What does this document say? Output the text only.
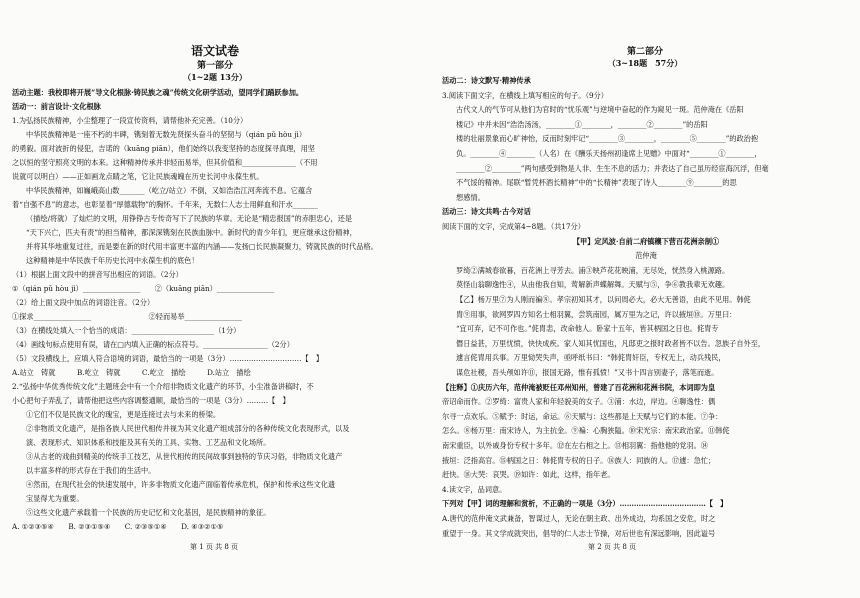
语文试卷
第一部分
（1~2题 13分）
活动主题：我校即将开展“导文化根脉·铸民族之魂”传统文化研学活动，望同学们踊跃参加。
活动一：前言设计·文化根脉
1.为弘扬民族精神，小尘整理了一段宣传资料，请帮他补充完善。（10分）
中华民族精神是一座不朽的丰碑，镌刻着无数先贤探头奋斗的坚韧与（qián pǔ hòu jì）
的勇毅。面对波折的侵犯，吉诺的（kuāng piān），他们始终以我变坚持的态度探寻真理，用坚
之以恒的坚守照亮文明的本来。这种精神传承并非轻而易举，但其价值和_______________（不用
说就可以明白）——正如画龙点睛之笔，它让民族魂魄在历史长河中永葆生机。
中华民族精神，如巍峨高山数_______（屹立/站立）不倒，又如浩浩江河奔流不息。它蕴含
着“自强不息”的意志，也彰显着“厚德载物”的胸怀。千年来，无数仁人志士用鲜血和汗水_______
（描绘/将就）了灿烂的文明，用铮铮古专传奇写下了民族的华章。无论是“精忠报国”的赤胆忠心，还是
“天下兴亡，匹夫有责”的担当精神，都深深镌刻在民族血脉中。新时代的青少年们，更应继承这份精神，
并将其华地重复过往，而是要在新的时代用丰富更丰富的内涵——发扬□长民族凝聚力，铸就民族的时代品格。
这种精神是中华民族千年历史长河中永葆生机的底色！
（1）根据上面文段中的拼音写出相应的词语。（2分）
①（qián pǔ hòu jì）________________　　②（kuāng piān）________________
（2）给上面文段中加点的词语注音。（2分）
①探求________________　　　　　　　　②轻而易举________________
（3）在横线处填入一个恰当的成语：_______________________（1分）
（4）画线句标点使用有误，请在□内填入正确的标点符号。__________________（2分）
（5）文段横线上，应填入符合语境的词语，最恰当的一项是（3分）…………………………【　】
A.站立　铸就　　　B.屹立　铸就　　　C.屹立　描绘　　　D.站立　描绘
2.“弘扬中华优秀传统文化”主题班会中有一个介绍非物质文化遗产的环节，小尘准备讲稿时，不
小心把句子弄乱了，请帮他把这些内容调整通顺，最恰当的一项是（3分）………【　】
①它们不仅是民族文化的瑰宝，更是连接过去与未来的桥梁。
②非物质文化遗产，是指各族人民世代相传并视为其文化遗产组成部分的各种传统文化表现形式，以及
演、表现形式、知识体系和技能及其有关的工具、实物、工艺品和文化场所。
③从古老的戏曲到精美的传统手工技艺，从世代相传的民间故事到独特的节庆习俗，非物质文化遗产
以丰富多样的形式存在于我们的生活中。
④然而，在现代社会的快速发展中，许多非物质文化遗产面临着传承危机，保护和传承这些文化遗
宝显得尤为重要。
⑤这些文化遗产承载着一个民族的历史记忆和文化基因，是民族精神的象征。
A. ①②③⑤④　　B. ②③①⑤④　　C. ②③⑤①④　　D. ④③②①⑤
第 1 页 共 8 页
第二部分
（3~18题　57分）
活动二：诗文默写·精神传承
3.阅读下面文字，在横线上填写相应的句子。（9分）
古代文人的气节可从他们为官时的“忧乐观”与逆境中奋起的作为窥见一斑。范仲淹在《岳阳
楼记》中并未因“浩浩汤汤，________①________，________②________”的岳阳
楼的壮丽景象而心旷神怡，反而时刻牢记“________③________，________⑤________”的政治抱
负。________④________（人名）在《酬乐天扬州初逢席上见赠》中面对“________①________，
________②________”两句感受到物是人非、生生不息的活力；并表达了自己虽历经宦海沉浮，但毫
不气馁的精神。尾联“暂凭杯酒长精神”中的“长精神”表现了诗人________⑨________的思
想感情。
活动三：诗文共鸣·古今对话
阅读下面的文字，完成第4~8题。（共17分）
【甲】定风波·自前二府镇穰下营百花洲亲制①
范仲淹
罗绮②满城春欲暮，百花洲上寻芳去。浦③映芦花花映浦，无尽处，恍然身入桃源路。
莫怪山翁聊逸性④，从由他我自知，莺解新声蝶解舞。天赋与⑤，争⑥教我辈无欢趣。
【乙】杨万里⑦为人刚而褊⑧。孝宗初知其才，以问周必大，必大无善语，由此不见用。韩侂
胄⑨用事，欲网罗四方知名士相羽翼，尝筑南园，属万里为之记，许以掖垣⑩。万里曰：
“宜可弃，记不可作也。”侂胄恚，改命他人。卧家十五年，皆其柄国之日也。侂胄专
僭日益甚，万里忧愤，快快成疾。家人知其忧国也，凡邸吏之报时政者皆不以告。忽族子自外至，
遽言侂胄用兵事。万里恸哭失声，亟呼纸书曰：“韩侂胄奸臣，专权无上，动兵残民，
谋危社稷，吾头颅如许⑪，报国无路，惟有孤愤！”又书十四言别妻子，落笔而逝。
【注释】①庆历六年，范仲淹被贬任邓州知州，曾建了百花洲和花洲书院，本词即为皇
帝诏命而作。②罗绮：富贵人家和年轻貌美的女子。③浦：水边，岸边。④聊逸性：偶
尔寻一点欢乐。⑤赋予：时运，命运。⑥天赋与：这些都是上天赋与它们的本能。⑦争：
怎么。⑧杨万里：南宋诗人，为主抗金。⑨褊：心胸狭隘。⑩宋光宗：南宋政治家。⑪韩侂
南宋重臣，以外戚身份专权十多年。⑫在左右相之上。⑬相羽翼：指他他的党羽。⑭
掖垣：泛指高官。⑮柄国之日：韩侂胄专权的日子。⑯族人：同族的人。⑰遽：急忙；
赶快。⑱大哭：哀哭。⑲如许：如此，这样，指年老。
4.读文字，品词意。
下列对【甲】词的理解和赏析，不正确的一项是（3分）………………………………【　】
A.唐代的范仲淹文武兼备，智谋过人，无论在朝主政、出外成边，均系国之安危，时之
重望于一身。其文学成就突出，倡导的仁人志士节操，对后世也有深远影响，因此谥号
第 2 页 共 8 页
